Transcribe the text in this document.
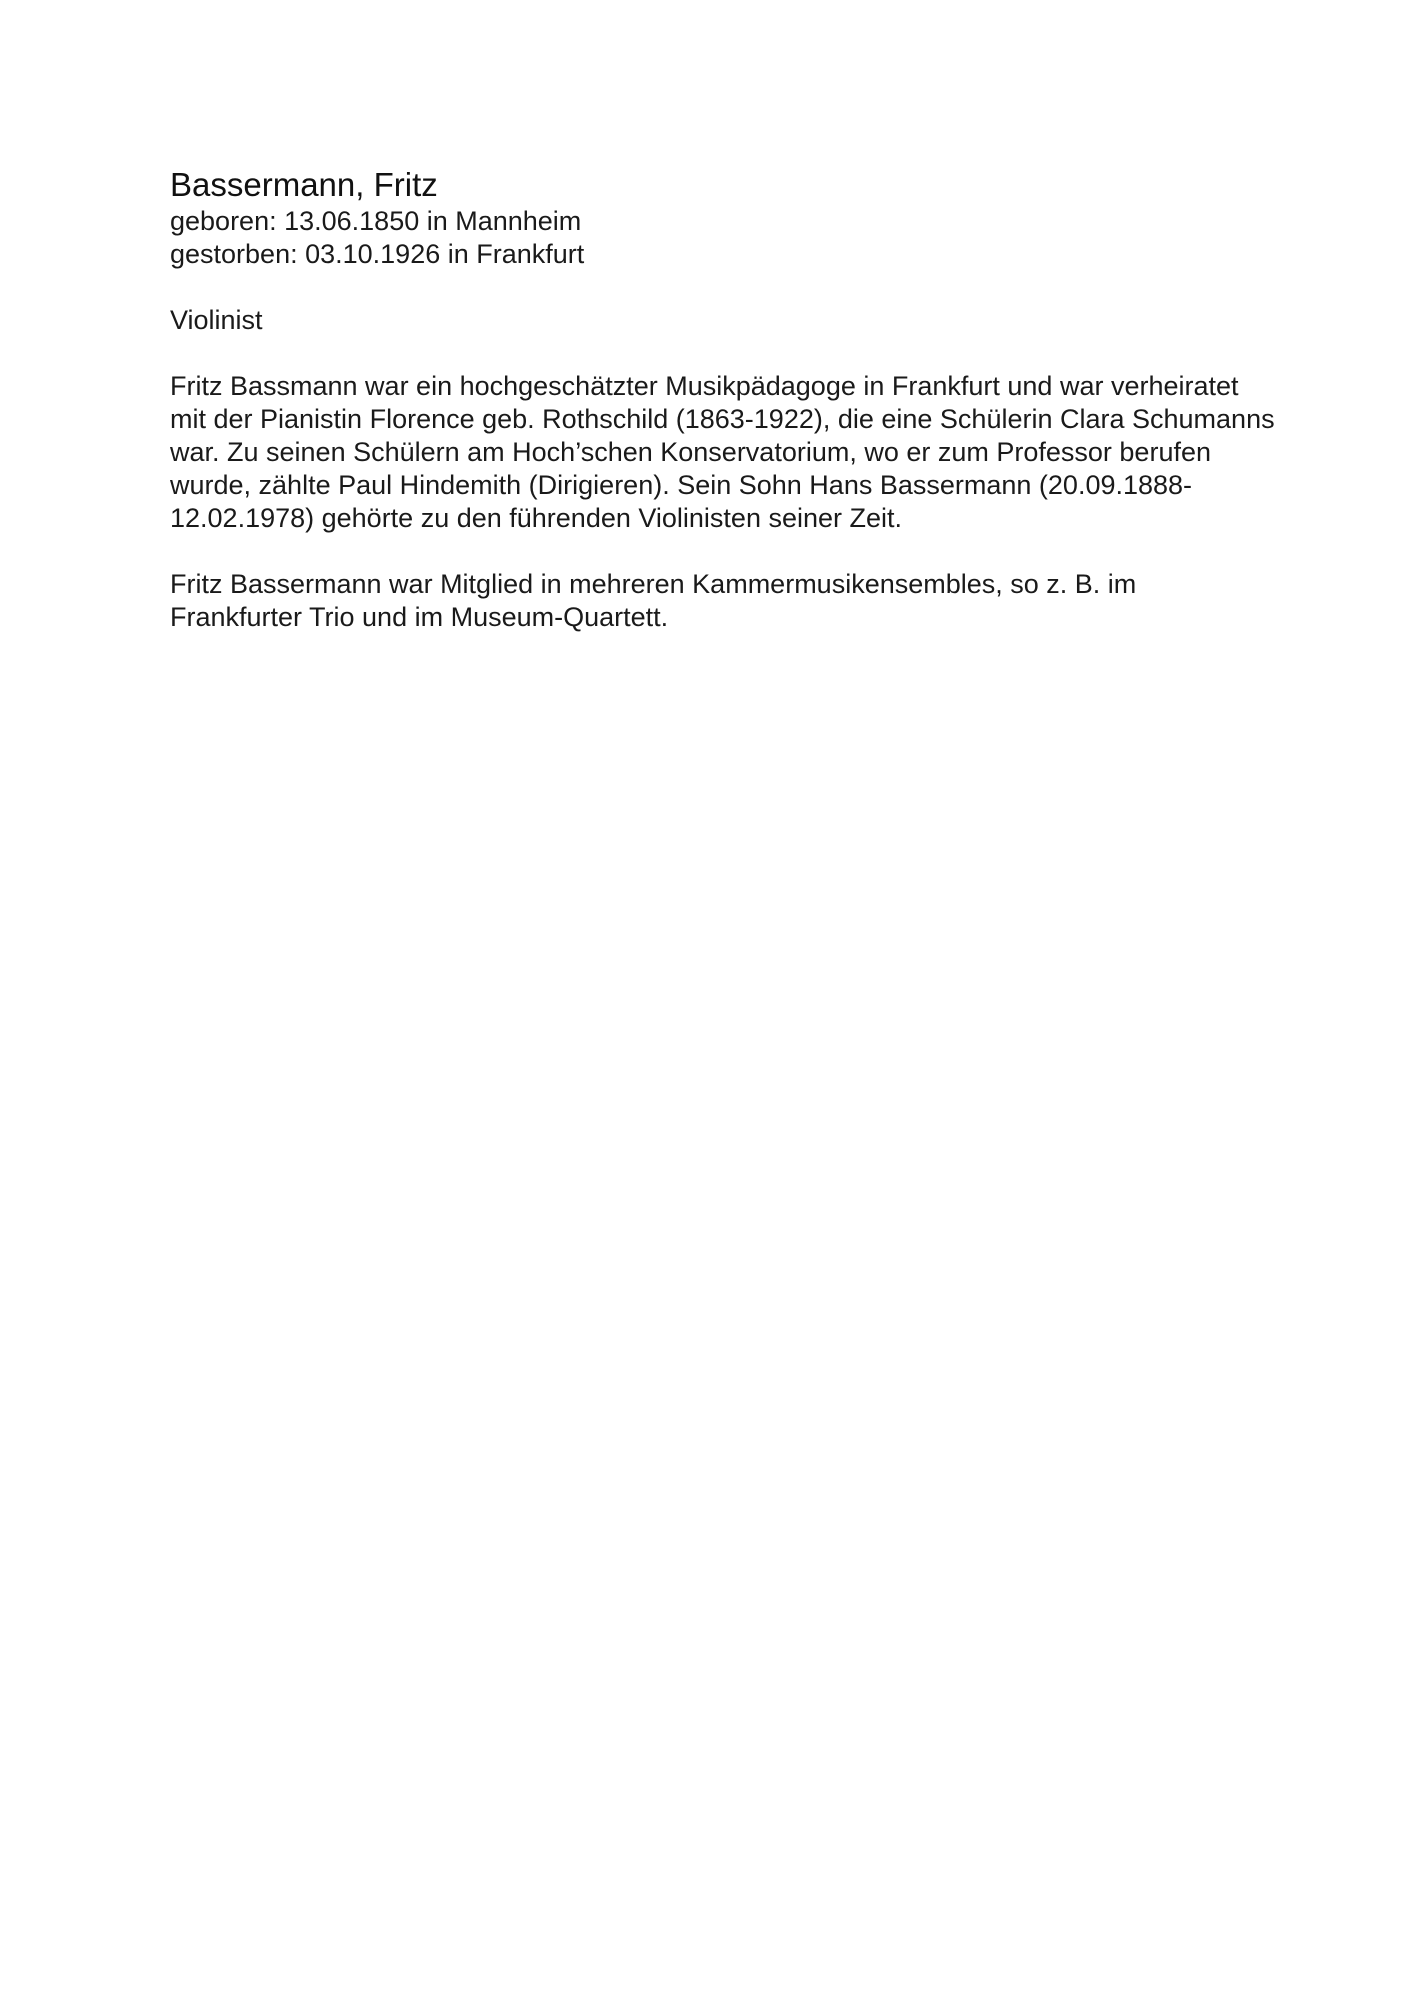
Bassermann, Fritz

geboren: 13.06.1850 in Mannheim

gestorben: 03.10.1926 in Frankfurt

Violinist

Fritz Bassmann war ein hochgeschätzter Musikpädagoge in Frankfurt und war verheiratet mit der Pianistin Florence geb. Rothschild (1863-1922), die eine Schülerin Clara Schumanns war. Zu seinen Schülern am Hoch’schen Konservatorium, wo er zum Professor berufen wurde, zählte Paul Hindemith (Dirigieren). Sein Sohn Hans Bassermann (20.09.1888-12.02.1978) gehörte zu den führenden Violinisten seiner Zeit.

Fritz Bassermann war Mitglied in mehreren Kammermusikensembles, so z. B. im Frankfurter Trio und im Museum-Quartett.
